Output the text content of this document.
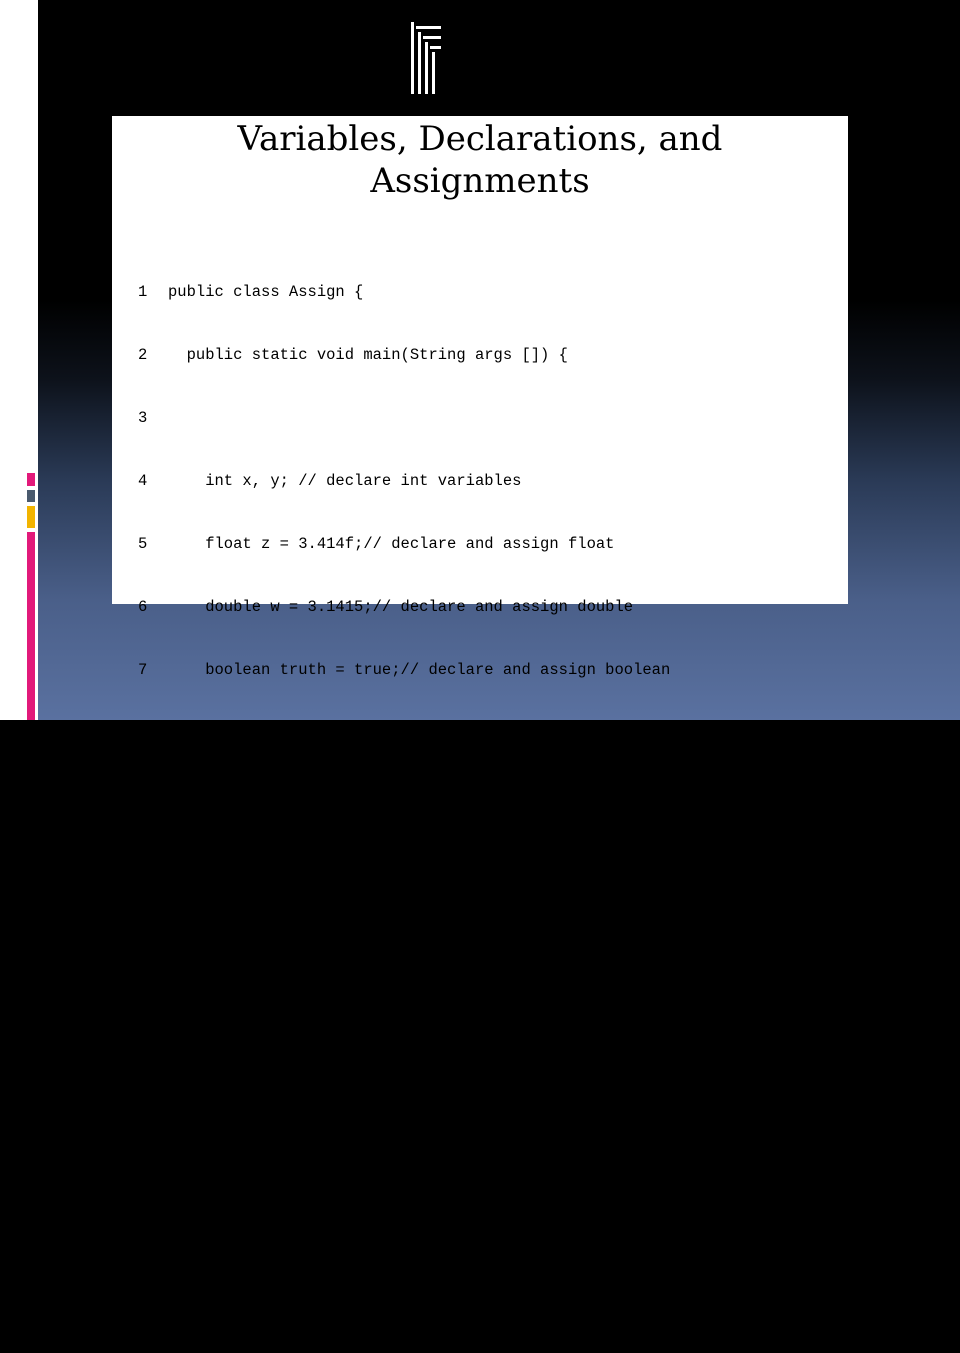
Variables, Declarations, and
Assignments

1 public class Assign {

2  public static void main(String args []) {

3

4    int x, y; // declare int variables

5    float z = 3.414f;// declare and assign float

6    double w = 3.1415;// declare and assign double

7    boolean truth = true;// declare and assign boolean

8    char c;// declare character variable

9    String str;// declare String

10    String str1 = "bye";// declare and assign String variable

11    c = 'A';// assign value to char variable

12    str = "Hi out there!";// assign value to String variable

13    x = 6;

14    y = 1000;// assign values to int variables

15  ...

16  }

17 }
